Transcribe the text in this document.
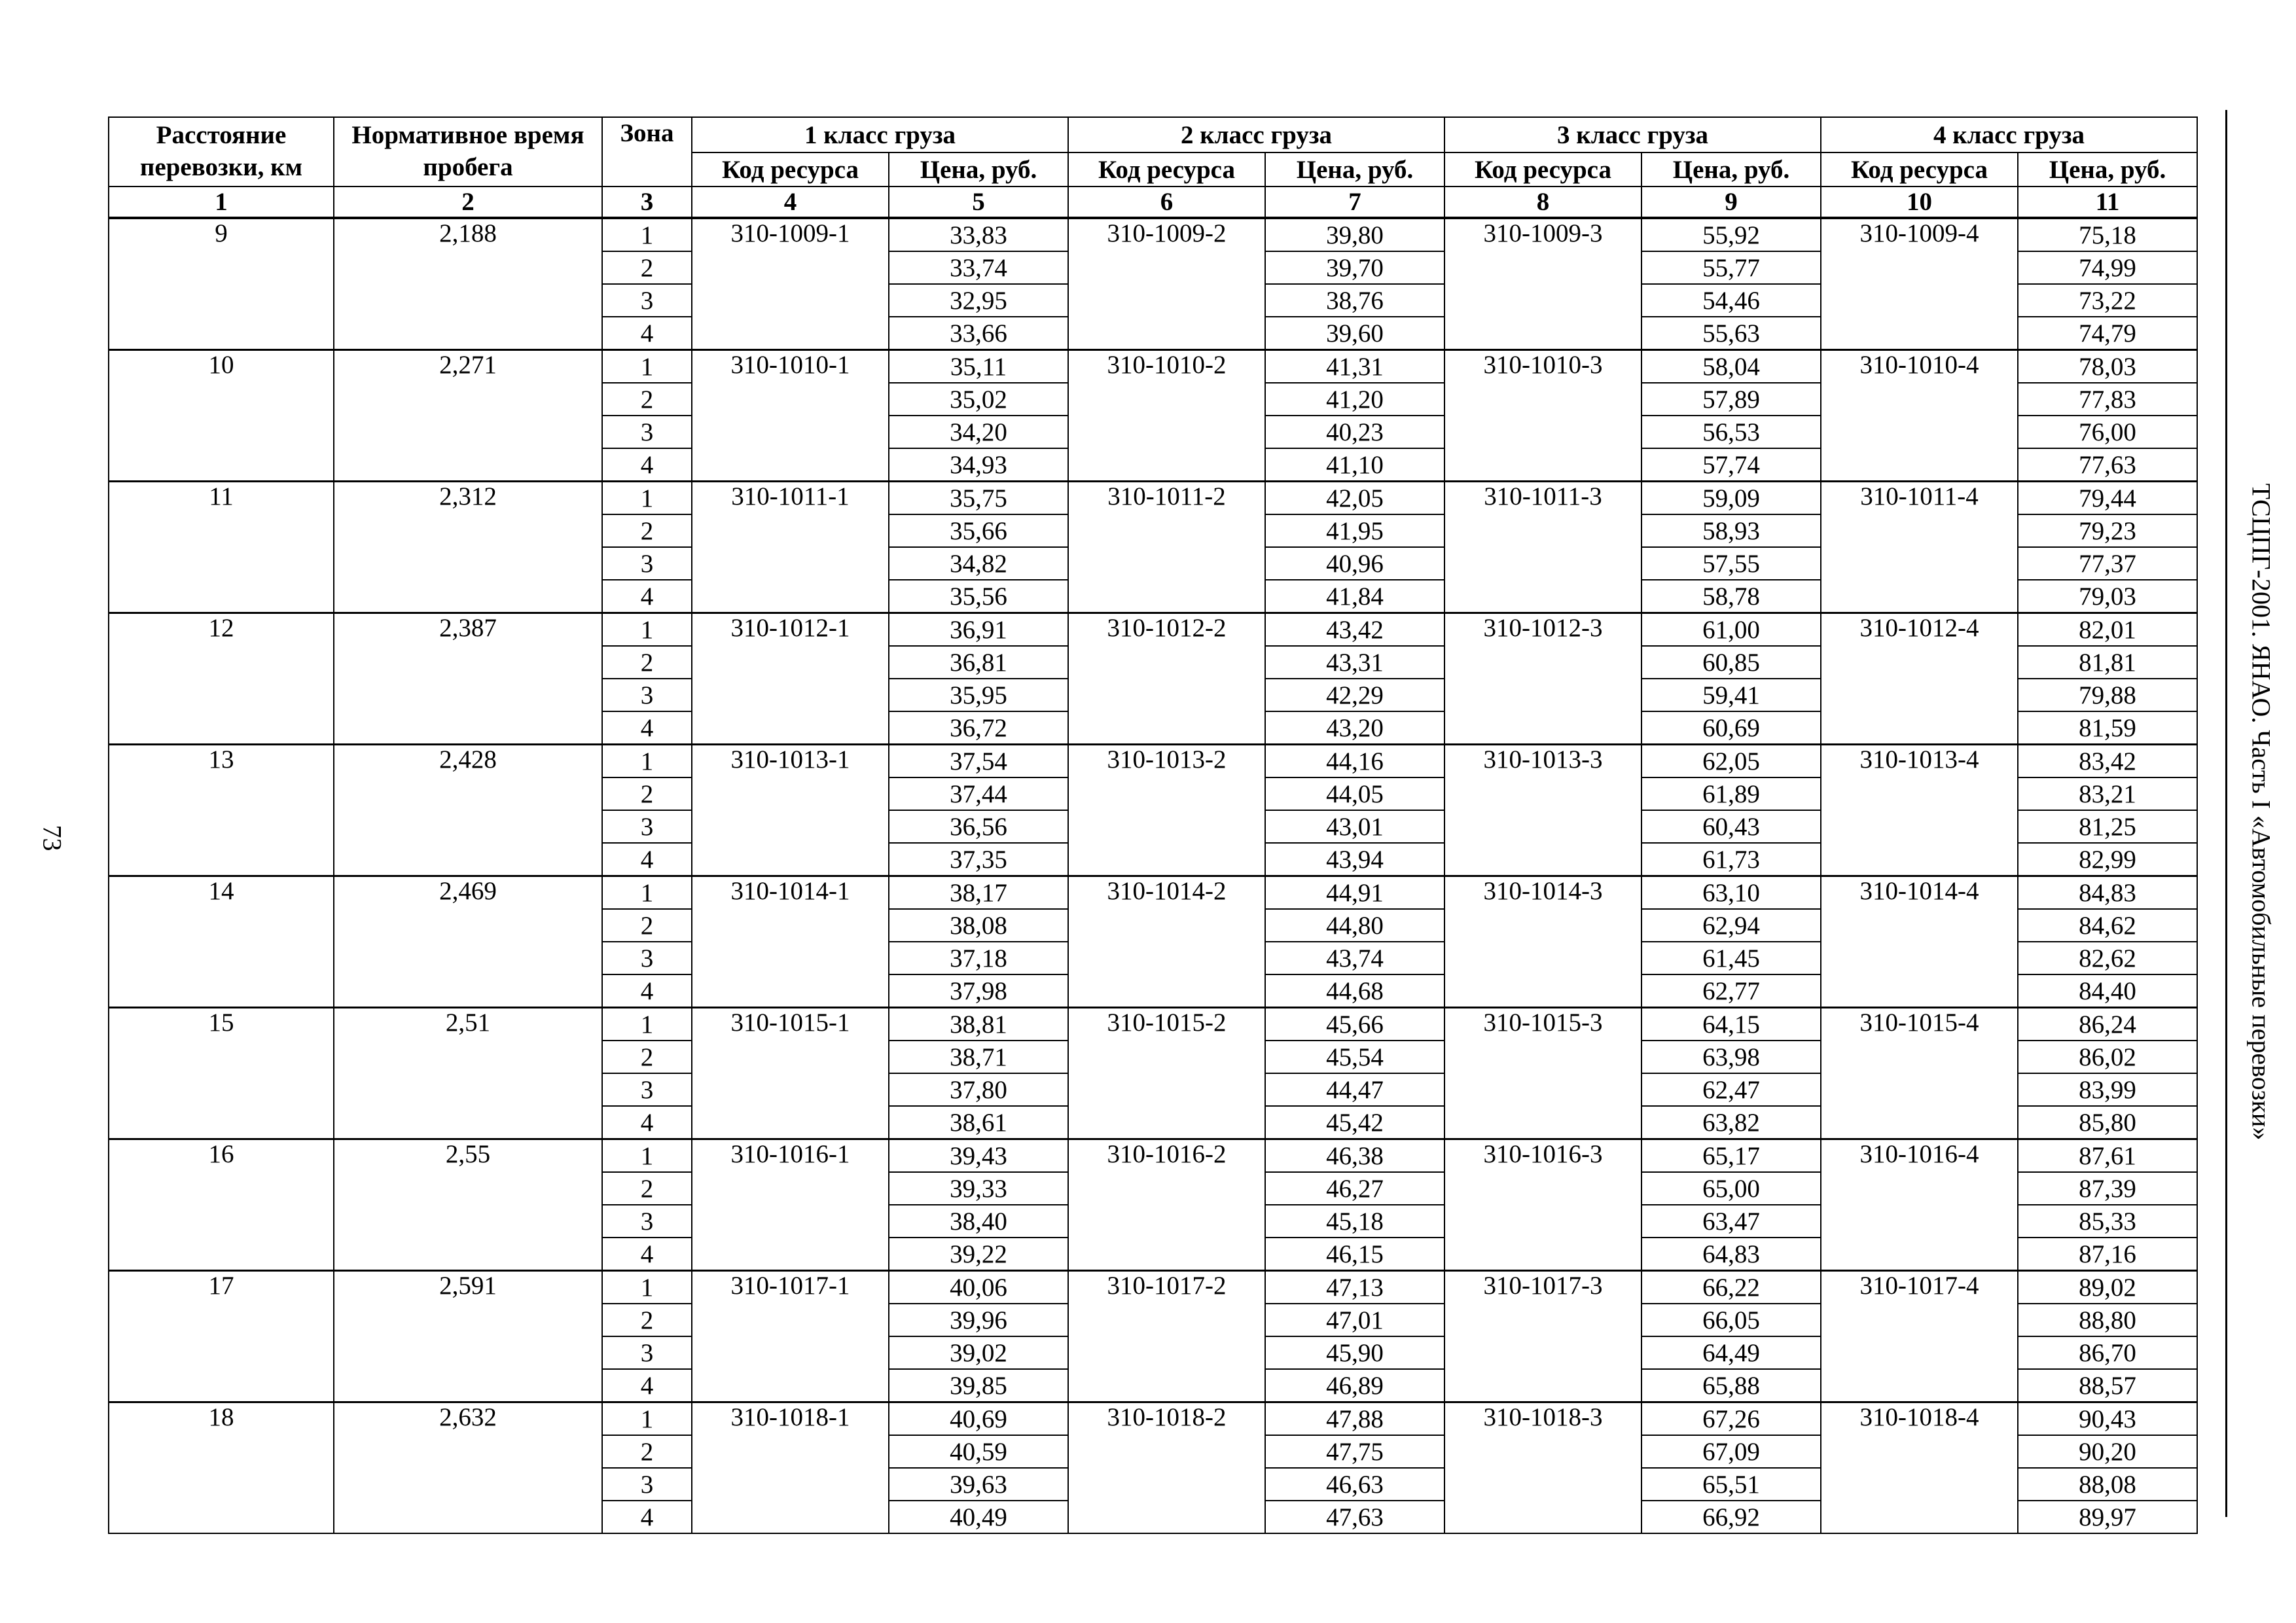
73	ТСЦПГ-2001. ЯНАО. Часть I «Автомобильные перевозки»
Расстояние перевозки, км	Нормативное время пробега	Зона	1 класс груза		2 класс груза		3 класс груза		4 класс груза	
			Код ресурса	Цена, руб.	Код ресурса	Цена, руб.	Код ресурса	Цена, руб.	Код ресурса	Цена, руб.
1	2	3	4	5	6	7	8	9	10	11
9	2,188	1	310-1009-1	33,83	310-1009-2	39,80	310-1009-3	55,92	310-1009-4	75,18
		2		33,74		39,70		55,77		74,99
		3		32,95		38,76		54,46		73,22
		4		33,66		39,60		55,63		74,79
10	2,271	1	310-1010-1	35,11	310-1010-2	41,31	310-1010-3	58,04	310-1010-4	78,03
		2		35,02		41,20		57,89		77,83
		3		34,20		40,23		56,53		76,00
		4		34,93		41,10		57,74		77,63
11	2,312	1	310-1011-1	35,75	310-1011-2	42,05	310-1011-3	59,09	310-1011-4	79,44
		2		35,66		41,95		58,93		79,23
		3		34,82		40,96		57,55		77,37
		4		35,56		41,84		58,78		79,03
12	2,387	1	310-1012-1	36,91	310-1012-2	43,42	310-1012-3	61,00	310-1012-4	82,01
		2		36,81		43,31		60,85		81,81
		3		35,95		42,29		59,41		79,88
		4		36,72		43,20		60,69		81,59
13	2,428	1	310-1013-1	37,54	310-1013-2	44,16	310-1013-3	62,05	310-1013-4	83,42
		2		37,44		44,05		61,89		83,21
		3		36,56		43,01		60,43		81,25
		4		37,35		43,94		61,73		82,99
14	2,469	1	310-1014-1	38,17	310-1014-2	44,91	310-1014-3	63,10	310-1014-4	84,83
		2		38,08		44,80		62,94		84,62
		3		37,18		43,74		61,45		82,62
		4		37,98		44,68		62,77		84,40
15	2,51	1	310-1015-1	38,81	310-1015-2	45,66	310-1015-3	64,15	310-1015-4	86,24
		2		38,71		45,54		63,98		86,02
		3		37,80		44,47		62,47		83,99
		4		38,61		45,42		63,82		85,80
16	2,55	1	310-1016-1	39,43	310-1016-2	46,38	310-1016-3	65,17	310-1016-4	87,61
		2		39,33		46,27		65,00		87,39
		3		38,40		45,18		63,47		85,33
		4		39,22		46,15		64,83		87,16
17	2,591	1	310-1017-1	40,06	310-1017-2	47,13	310-1017-3	66,22	310-1017-4	89,02
		2		39,96		47,01		66,05		88,80
		3		39,02		45,90		64,49		86,70
		4		39,85		46,89		65,88		88,57
18	2,632	1	310-1018-1	40,69	310-1018-2	47,88	310-1018-3	67,26	310-1018-4	90,43
		2		40,59		47,75		67,09		90,20
		3		39,63		46,63		65,51		88,08
		4		40,49		47,63		66,92		89,97
